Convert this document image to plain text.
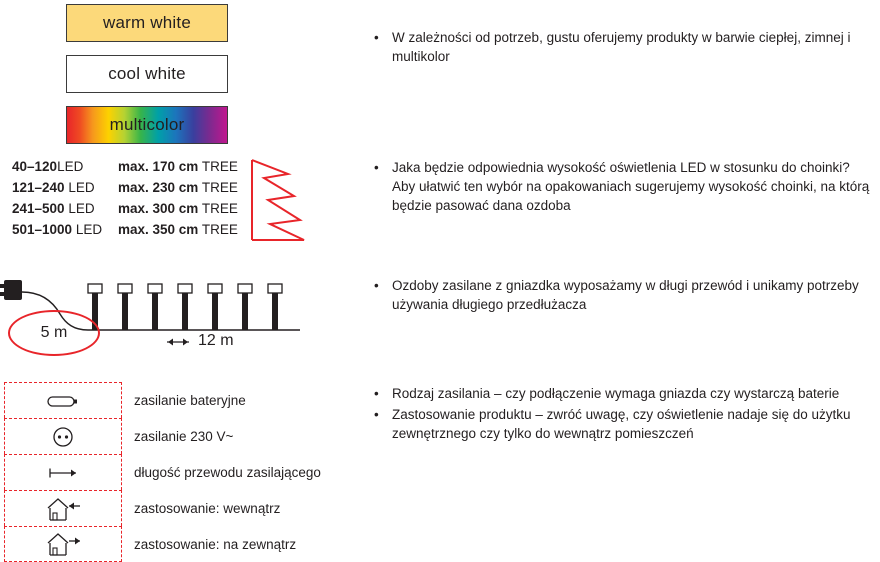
warm white
cool white
multicolor
40–120LED	max. 170 cm TREE
121–240 LED	max. 230 cm TREE
241–500 LED	max. 300 cm TREE
501–1000 LED	max. 350 cm TREE
5 m	12 m
zasilanie bateryjne
zasilanie 230 V~
długość przewodu zasilającego
zastosowanie: wewnątrz
zastosowanie: na zewnątrz
• W zależności od potrzeb, gustu oferujemy produkty w barwie ciepłej, zimnej i multikolor
• Jaka będzie odpowiednia wysokość oświetlenia LED w stosunku do choinki? Aby ułatwić ten wybór na opakowaniach sugerujemy wysokość choinki, na którą będzie pasować dana ozdoba
• Ozdoby zasilane z gniazdka wyposażamy w długi przewód i unikamy potrzeby używania długiego przedłużacza
• Rodzaj zasilania – czy podłączenie wymaga gniazda czy wystarczą baterie
• Zastosowanie produktu – zwróć uwagę, czy oświetlenie nadaje się do użytku zewnętrznego czy tylko do wewnątrz pomieszczeń
